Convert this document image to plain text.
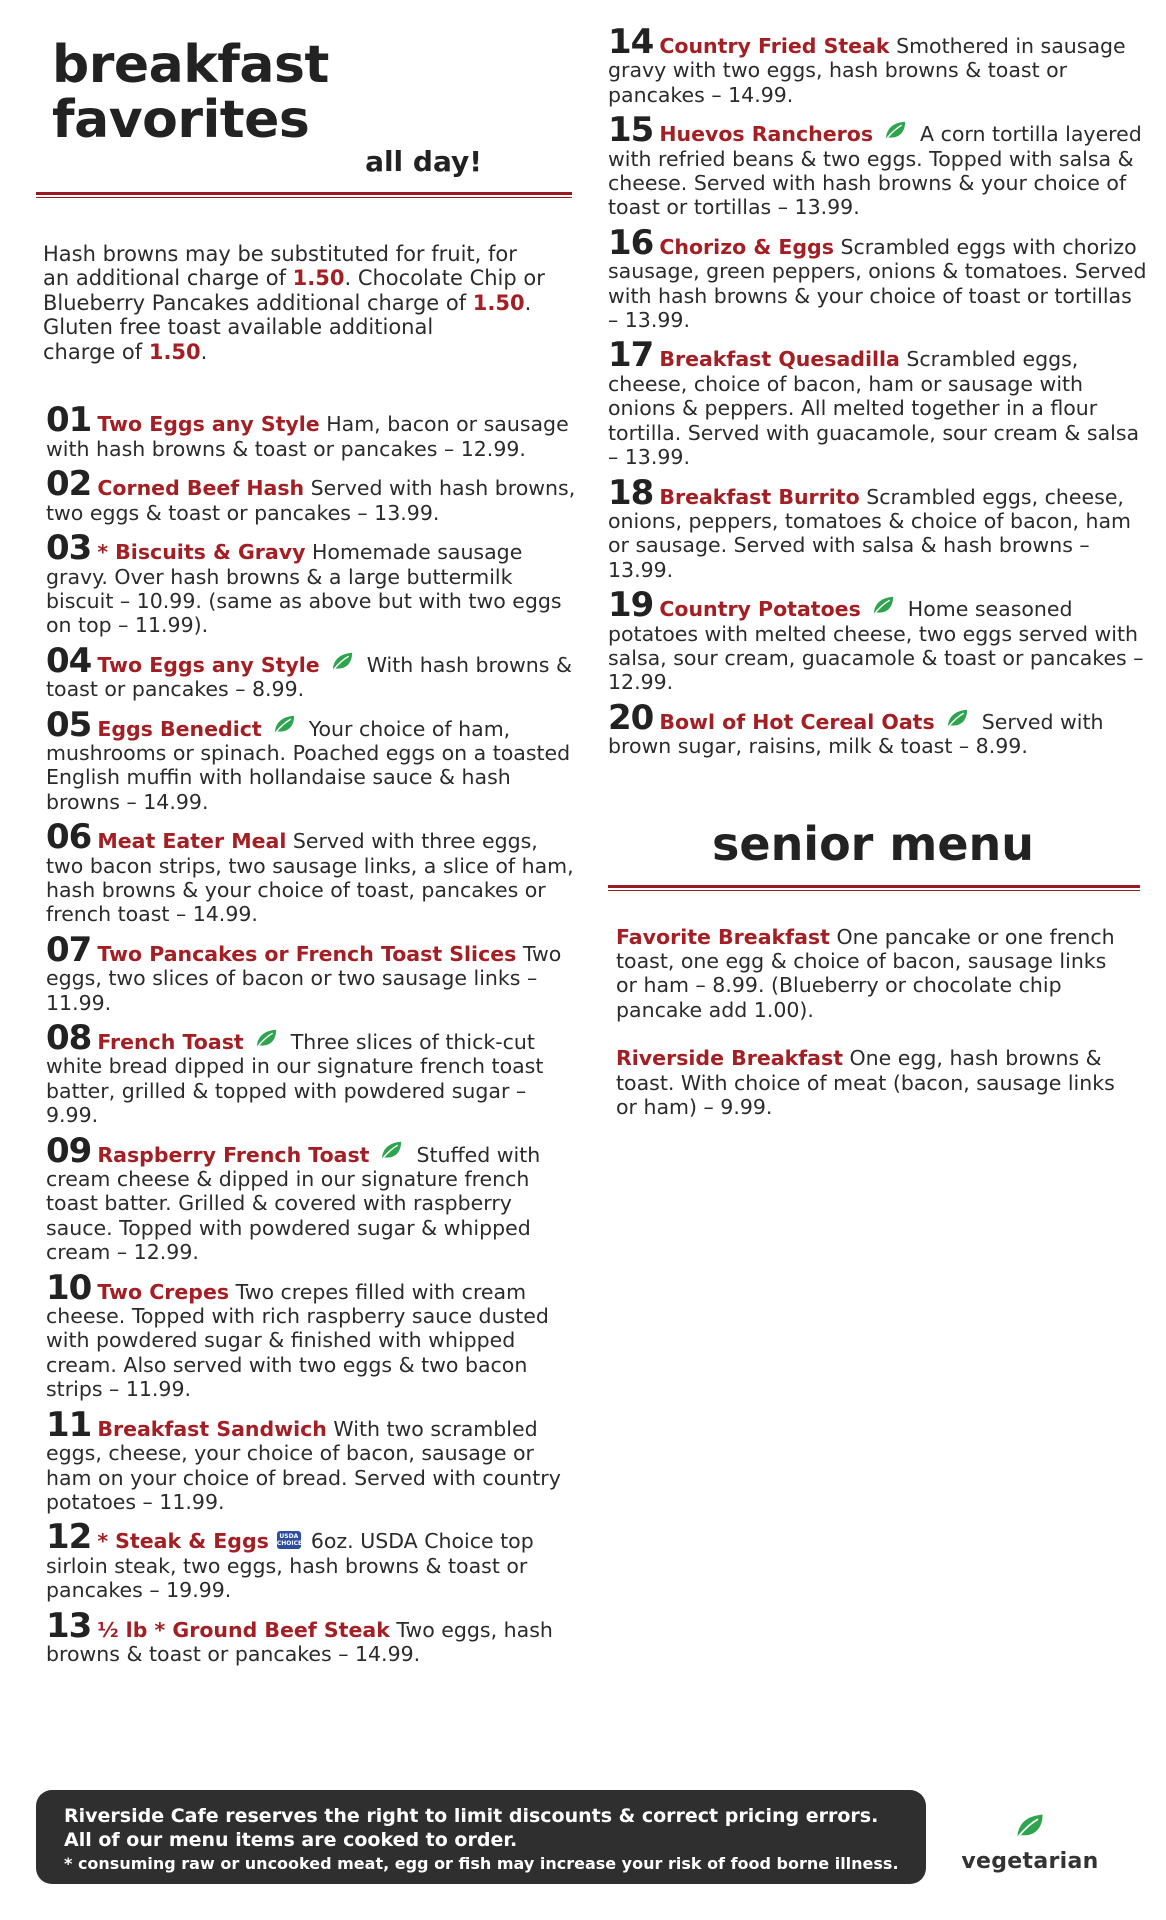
breakfast favorites
all day!
Hash browns may be substituted for fruit, for
an additional charge of 1.50. Chocolate Chip or
Blueberry Pancakes additional charge of 1.50.
Gluten free toast available additional
charge of 1.50.
01 Two Eggs any Style Ham, bacon or sausage with hash browns & toast or pancakes – 12.99.
02 Corned Beef Hash Served with hash browns, two eggs & toast or pancakes – 13.99.
03 * Biscuits & Gravy Homemade sausage gravy. Over hash browns & a large buttermilk biscuit – 10.99. (same as above but with two eggs on top – 11.99).
04 Two Eggs any Style With hash browns & toast or pancakes – 8.99.
05 Eggs Benedict Your choice of ham, mushrooms or spinach. Poached eggs on a toasted English muffin with hollandaise sauce & hash browns – 14.99.
06 Meat Eater Meal Served with three eggs, two bacon strips, two sausage links, a slice of ham, hash browns & your choice of toast, pancakes or french toast – 14.99.
07 Two Pancakes or French Toast Slices Two eggs, two slices of bacon or two sausage links – 11.99.
08 French Toast Three slices of thick-cut white bread dipped in our signature french toast batter, grilled & topped with powdered sugar – 9.99.
09 Raspberry French Toast Stuffed with cream cheese & dipped in our signature french toast batter. Grilled & covered with raspberry sauce. Topped with powdered sugar & whipped cream – 12.99.
10 Two Crepes Two crepes filled with cream cheese. Topped with rich raspberry sauce dusted with powdered sugar & finished with whipped cream. Also served with two eggs & two bacon strips – 11.99.
11 Breakfast Sandwich With two scrambled eggs, cheese, your choice of bacon, sausage or ham on your choice of bread. Served with country potatoes – 11.99.
12 * Steak & Eggs USDA
CHOICE 6oz. USDA Choice top sirloin steak, two eggs, hash browns & toast or pancakes – 19.99.
13 ½ lb * Ground Beef Steak Two eggs, hash browns & toast or pancakes – 14.99.
14 Country Fried Steak Smothered in sausage gravy with two eggs, hash browns & toast or pancakes – 14.99.
15 Huevos Rancheros A corn tortilla layered with refried beans & two eggs. Topped with salsa & cheese. Served with hash browns & your choice of toast or tortillas – 13.99.
16 Chorizo & Eggs Scrambled eggs with chorizo sausage, green peppers, onions & tomatoes. Served with hash browns & your choice of toast or tortillas – 13.99.
17 Breakfast Quesadilla Scrambled eggs, cheese, choice of bacon, ham or sausage with onions & peppers. All melted together in a flour tortilla. Served with guacamole, sour cream & salsa – 13.99.
18 Breakfast Burrito Scrambled eggs, cheese, onions, peppers, tomatoes & choice of bacon, ham or sausage. Served with salsa & hash browns – 13.99.
19 Country Potatoes Home seasoned potatoes with melted cheese, two eggs served with salsa, sour cream, guacamole & toast or pancakes – 12.99.
20 Bowl of Hot Cereal Oats Served with brown sugar, raisins, milk & toast – 8.99.
senior menu
Favorite Breakfast One pancake or one french toast, one egg & choice of bacon, sausage links or ham – 8.99. (Blueberry or chocolate chip pancake add 1.00).
Riverside Breakfast One egg, hash browns & toast. With choice of meat (bacon, sausage links or ham) – 9.99.
Riverside Cafe reserves the right to limit discounts & correct pricing errors.
All of our menu items are cooked to order.
* consuming raw or uncooked meat, egg or fish may increase your risk of food borne illness.	vegetarian
